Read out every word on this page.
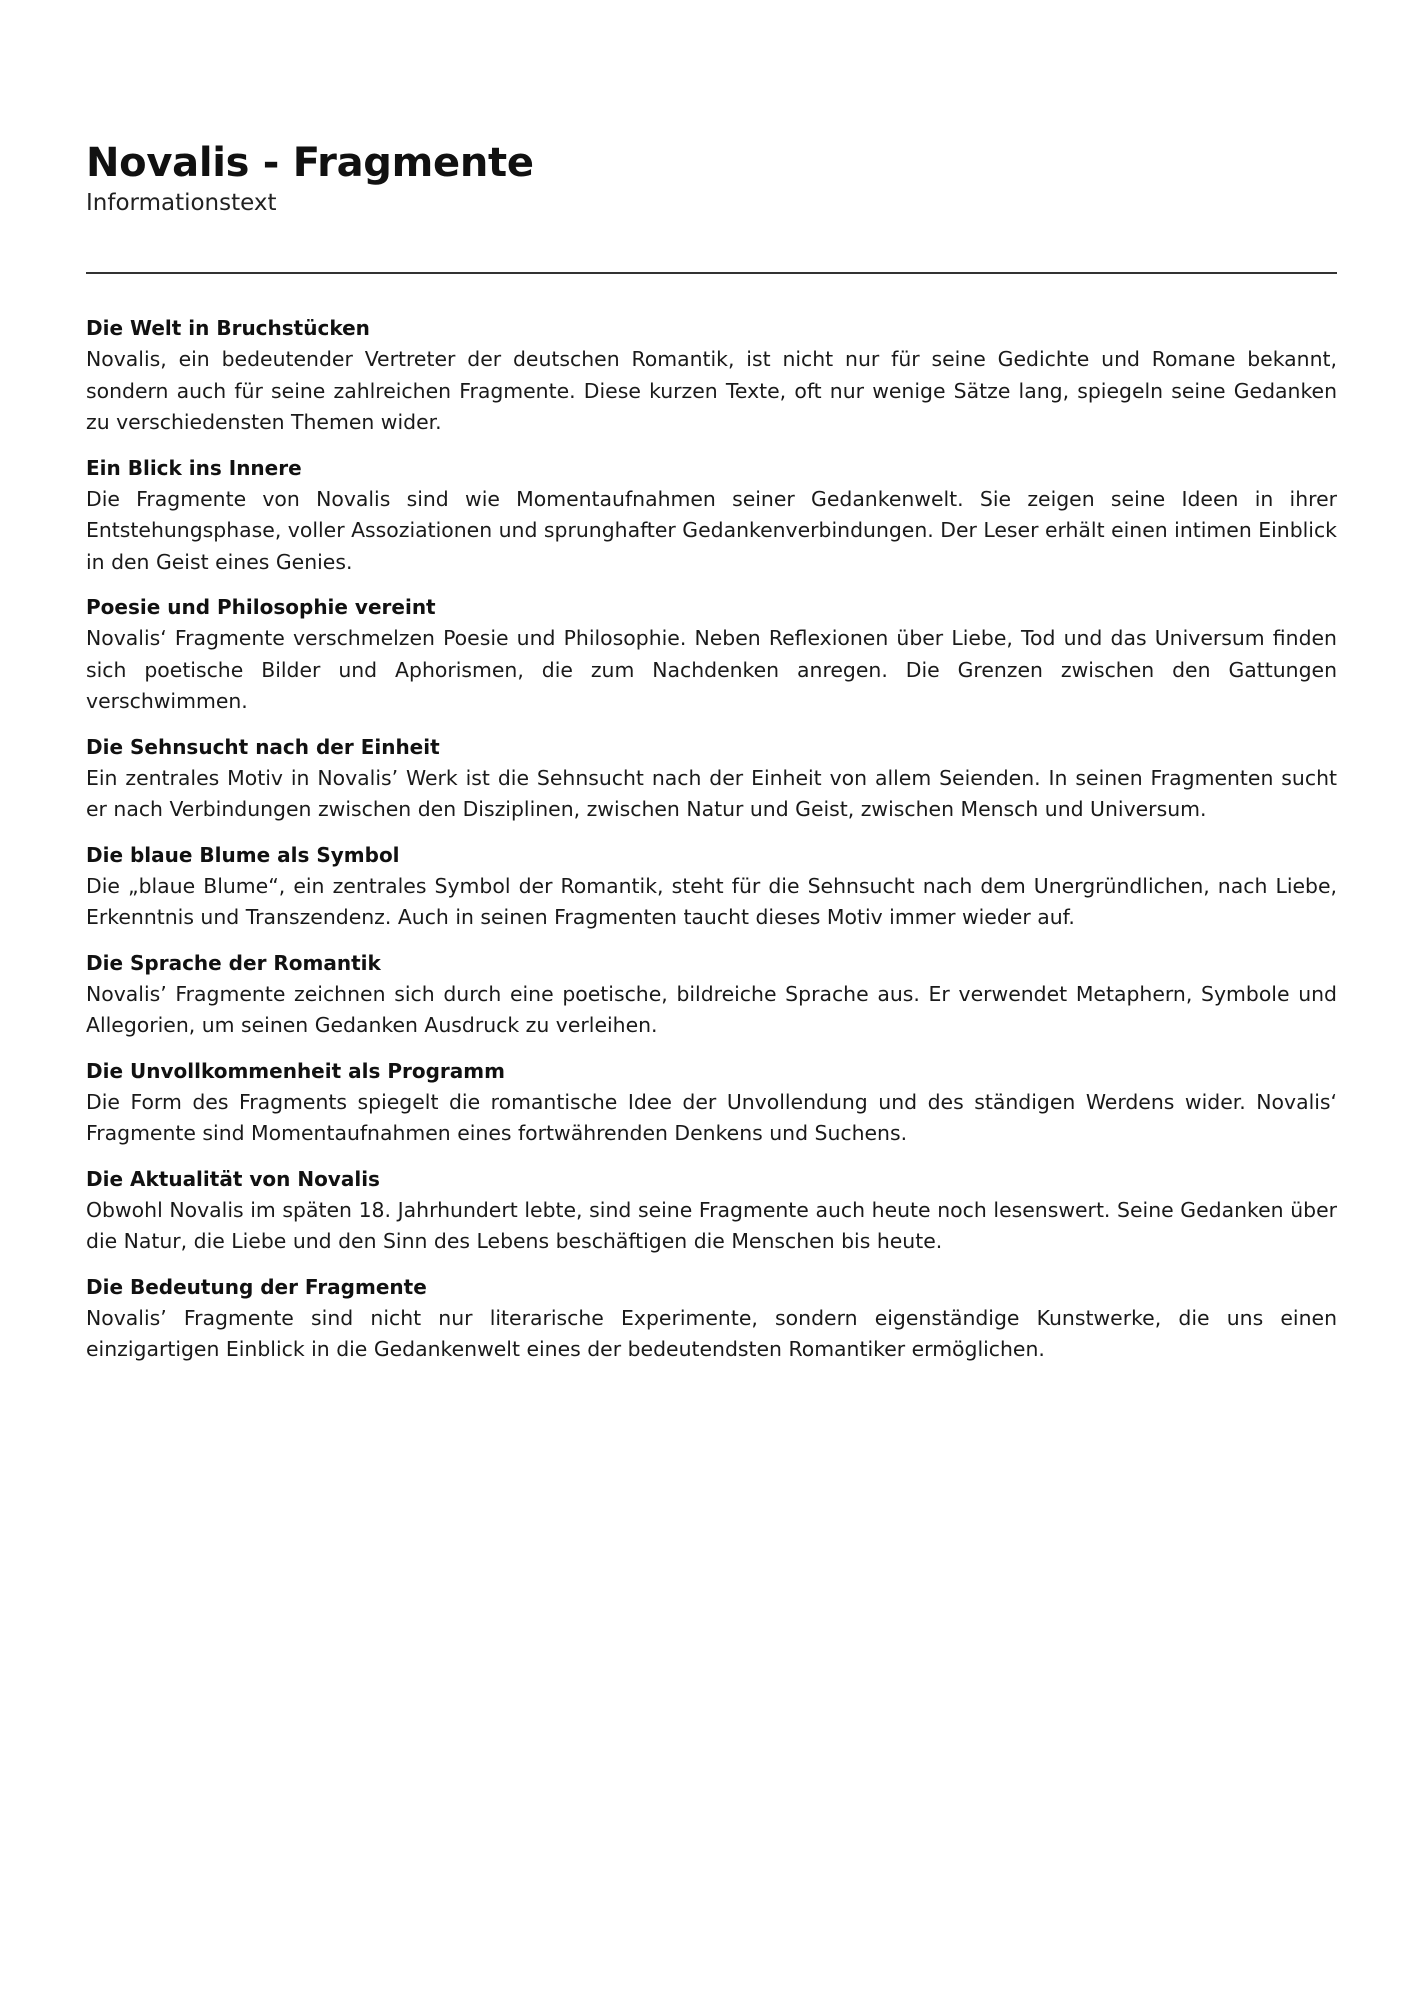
Novalis - Fragmente

Informationstext

Die Welt in Bruchstücken

Novalis, ein bedeutender Vertreter der deutschen Romantik, ist nicht nur für seine Gedichte und Romane bekannt, sondern auch für seine zahlreichen Fragmente. Diese kurzen Texte, oft nur wenige Sätze lang, spiegeln seine Gedanken zu verschiedensten Themen wider.

Ein Blick ins Innere

Die Fragmente von Novalis sind wie Momentaufnahmen seiner Gedankenwelt. Sie zeigen seine Ideen in ihrer Entstehungsphase, voller Assoziationen und sprunghafter Gedankenverbindungen. Der Leser erhält einen intimen Einblick in den Geist eines Genies.

Poesie und Philosophie vereint

Novalis‘ Fragmente verschmelzen Poesie und Philosophie. Neben Reflexionen über Liebe, Tod und das Universum finden sich poetische Bilder und Aphorismen, die zum Nachdenken anregen. Die Grenzen zwischen den Gattungen verschwimmen.

Die Sehnsucht nach der Einheit

Ein zentrales Motiv in Novalis’ Werk ist die Sehnsucht nach der Einheit von allem Seienden. In seinen Fragmenten sucht er nach Verbindungen zwischen den Disziplinen, zwischen Natur und Geist, zwischen Mensch und Universum.

Die blaue Blume als Symbol

Die „blaue Blume“, ein zentrales Symbol der Romantik, steht für die Sehnsucht nach dem Unergründlichen, nach Liebe, Erkenntnis und Transzendenz. Auch in seinen Fragmenten taucht dieses Motiv immer wieder auf.

Die Sprache der Romantik

Novalis’ Fragmente zeichnen sich durch eine poetische, bildreiche Sprache aus. Er verwendet Metaphern, Symbole und Allegorien, um seinen Gedanken Ausdruck zu verleihen.

Die Unvollkommenheit als Programm

Die Form des Fragments spiegelt die romantische Idee der Unvollendung und des ständigen Werdens wider. Novalis‘ Fragmente sind Momentaufnahmen eines fortwährenden Denkens und Suchens.

Die Aktualität von Novalis

Obwohl Novalis im späten 18. Jahrhundert lebte, sind seine Fragmente auch heute noch lesenswert. Seine Gedanken über die Natur, die Liebe und den Sinn des Lebens beschäftigen die Menschen bis heute.

Die Bedeutung der Fragmente

Novalis’ Fragmente sind nicht nur literarische Experimente, sondern eigenständige Kunstwerke, die uns einen einzigartigen Einblick in die Gedankenwelt eines der bedeutendsten Romantiker ermöglichen.
